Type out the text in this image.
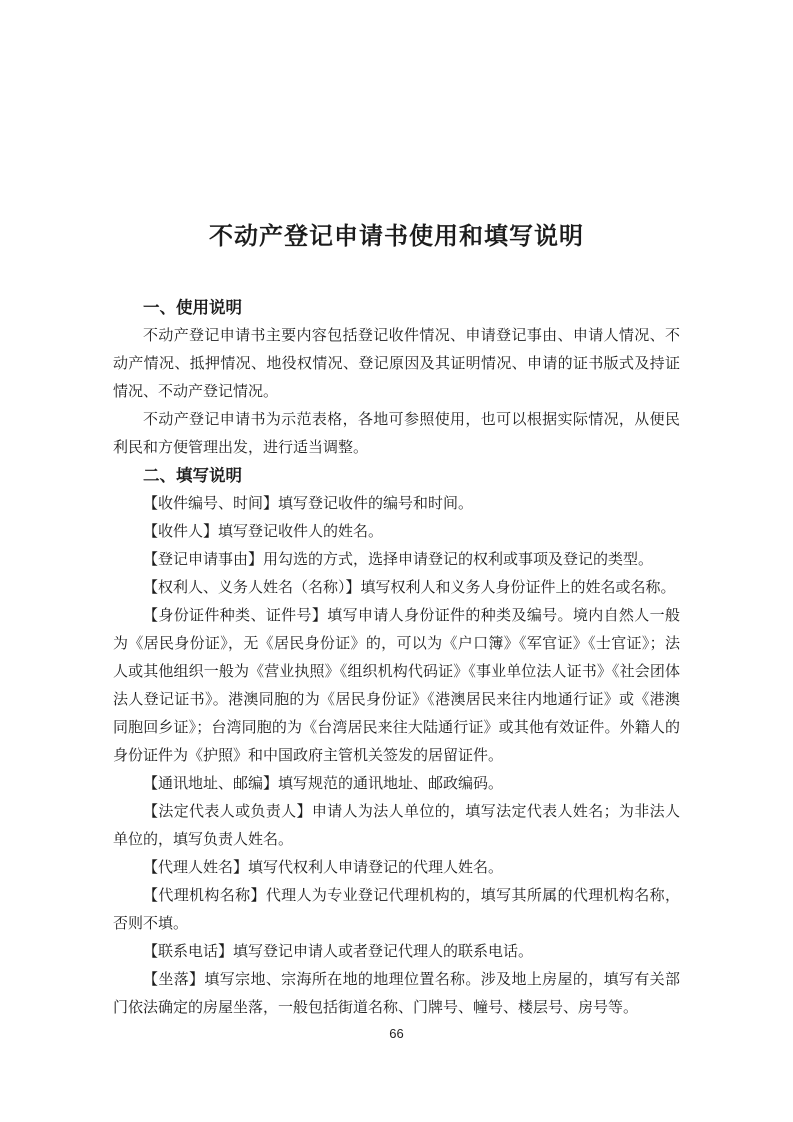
不动产登记申请书使用和填写说明
一、使用说明

不动产登记申请书主要内容包括登记收件情况、申请登记事由、申请人情况、不动产情况、抵押情况、地役权情况、登记原因及其证明情况、申请的证书版式及持证情况、不动产登记情况。

不动产登记申请书为示范表格，各地可参照使用，也可以根据实际情况，从便民利民和方便管理出发，进行适当调整。

二、填写说明

【收件编号、时间】填写登记收件的编号和时间。

【收件人】填写登记收件人的姓名。

【登记申请事由】用勾选的方式，选择申请登记的权利或事项及登记的类型。

【权利人、义务人姓名（名称）】填写权利人和义务人身份证件上的姓名或名称。

【身份证件种类、证件号】填写申请人身份证件的种类及编号。境内自然人一般为《居民身份证》，无《居民身份证》的，可以为《户口簿》《军官证》《士官证》；法人或其他组织一般为《营业执照》《组织机构代码证》《事业单位法人证书》《社会团体法人登记证书》。港澳同胞的为《居民身份证》《港澳居民来往内地通行证》或《港澳同胞回乡证》；台湾同胞的为《台湾居民来往大陆通行证》或其他有效证件。外籍人的身份证件为《护照》和中国政府主管机关签发的居留证件。

【通讯地址、邮编】填写规范的通讯地址、邮政编码。

【法定代表人或负责人】申请人为法人单位的，填写法定代表人姓名；为非法人单位的，填写负责人姓名。

【代理人姓名】填写代权利人申请登记的代理人姓名。

【代理机构名称】代理人为专业登记代理机构的，填写其所属的代理机构名称，否则不填。

【联系电话】填写登记申请人或者登记代理人的联系电话。

【坐落】填写宗地、宗海所在地的地理位置名称。涉及地上房屋的，填写有关部门依法确定的房屋坐落，一般包括街道名称、门牌号、幢号、楼层号、房号等。

66
